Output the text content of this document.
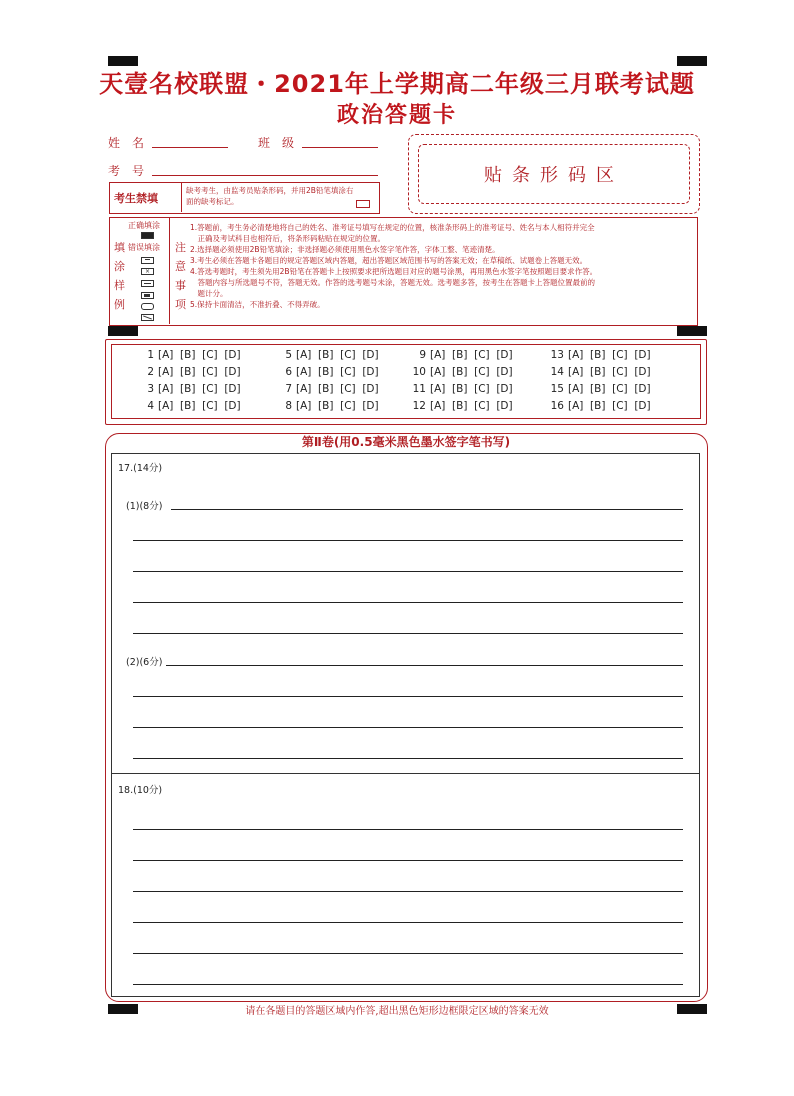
天壹名校联盟・2021年上学期高二年级三月联考试题
政治答题卡
姓　名	班　级
考　号	贴条形码区
考生禁填
缺考考生，由监考员贴条形码，并用2B铅笔填涂右
面的缺考标记。
正确填涂
错误填涂
×
填
涂
样
例
注
意
事
项
1.答题前，考生务必清楚地将自己的姓名、准考证号填写在规定的位置，核准条形码上的准考证号、姓名与本人相符并完全
　正确及考试科目也相符后，将条形码粘贴在规定的位置。
2.选择题必须使用2B铅笔填涂；非选择题必须使用黑色水签字笔作答，字体工整、笔迹清楚。
3.考生必须在答题卡各题目的规定答题区域内答题，超出答题区域范围书写的答案无效；在草稿纸、试题卷上答题无效。
4.答选考题时，考生须先用2B铅笔在答题卡上按照要求把所选题目对应的题号涂黑，再用黑色水签字笔按照题目要求作答。
　答题内容与所选题号不符，答题无效。作答的选考题号未涂，答题无效。选考题多答，按考生在答题卡上答题位置最前的
　题计分。
5.保持卡面清洁，不准折叠、不得弄破。
1 [A]  [B]  [C]  [D]
2 [A]  [B]  [C]  [D]
3 [A]  [B]  [C]  [D]
4 [A]  [B]  [C]  [D]
5 [A]  [B]  [C]  [D]
6 [A]  [B]  [C]  [D]
7 [A]  [B]  [C]  [D]
8 [A]  [B]  [C]  [D]
9 [A]  [B]  [C]  [D]
10 [A]  [B]  [C]  [D]
11 [A]  [B]  [C]  [D]
12 [A]  [B]  [C]  [D]
13 [A]  [B]  [C]  [D]
14 [A]  [B]  [C]  [D]
15 [A]  [B]  [C]  [D]
16 [A]  [B]  [C]  [D]
第Ⅱ卷(用0.5毫米黑色墨水签字笔书写)
17.(14分)
(1)(8分)
(2)(6分)
18.(10分)
请在各题目的答题区域内作答,超出黑色矩形边框限定区域的答案无效
